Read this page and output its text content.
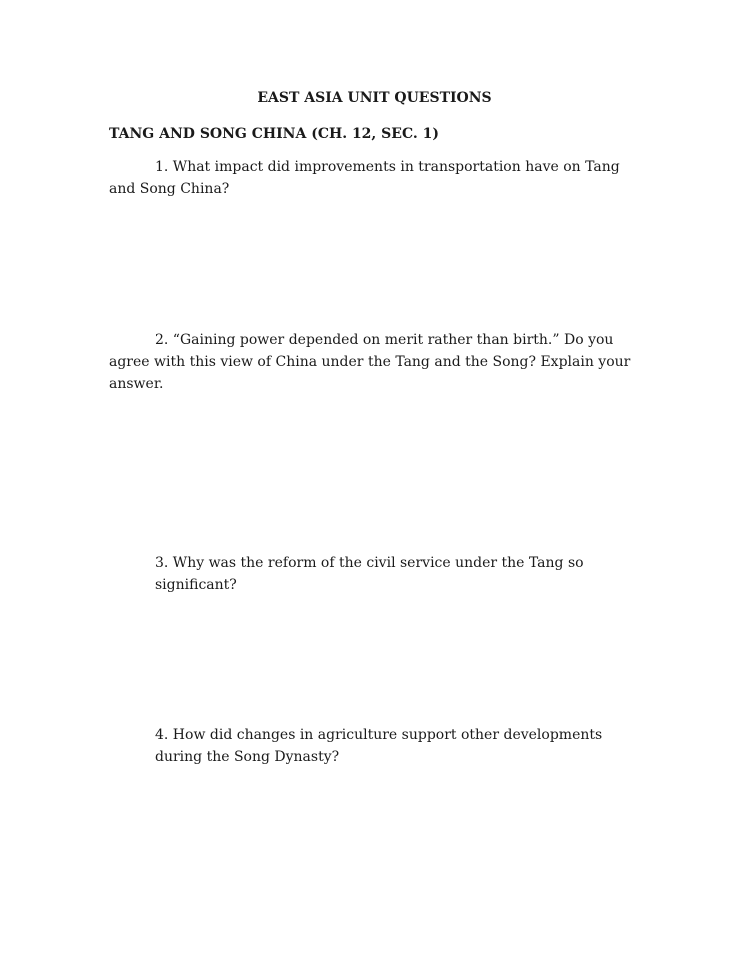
EAST ASIA UNIT QUESTIONS
TANG AND SONG CHINA (CH. 12, SEC. 1)

1. What impact did improvements in transportation have on Tang and Song China?

2. “Gaining power depended on merit rather than birth.” Do you agree with this view of China under the Tang and the Song? Explain your answer.

3. Why was the reform of the civil service under the Tang so significant?

4. How did changes in agriculture support other developments during the Song Dynasty?
